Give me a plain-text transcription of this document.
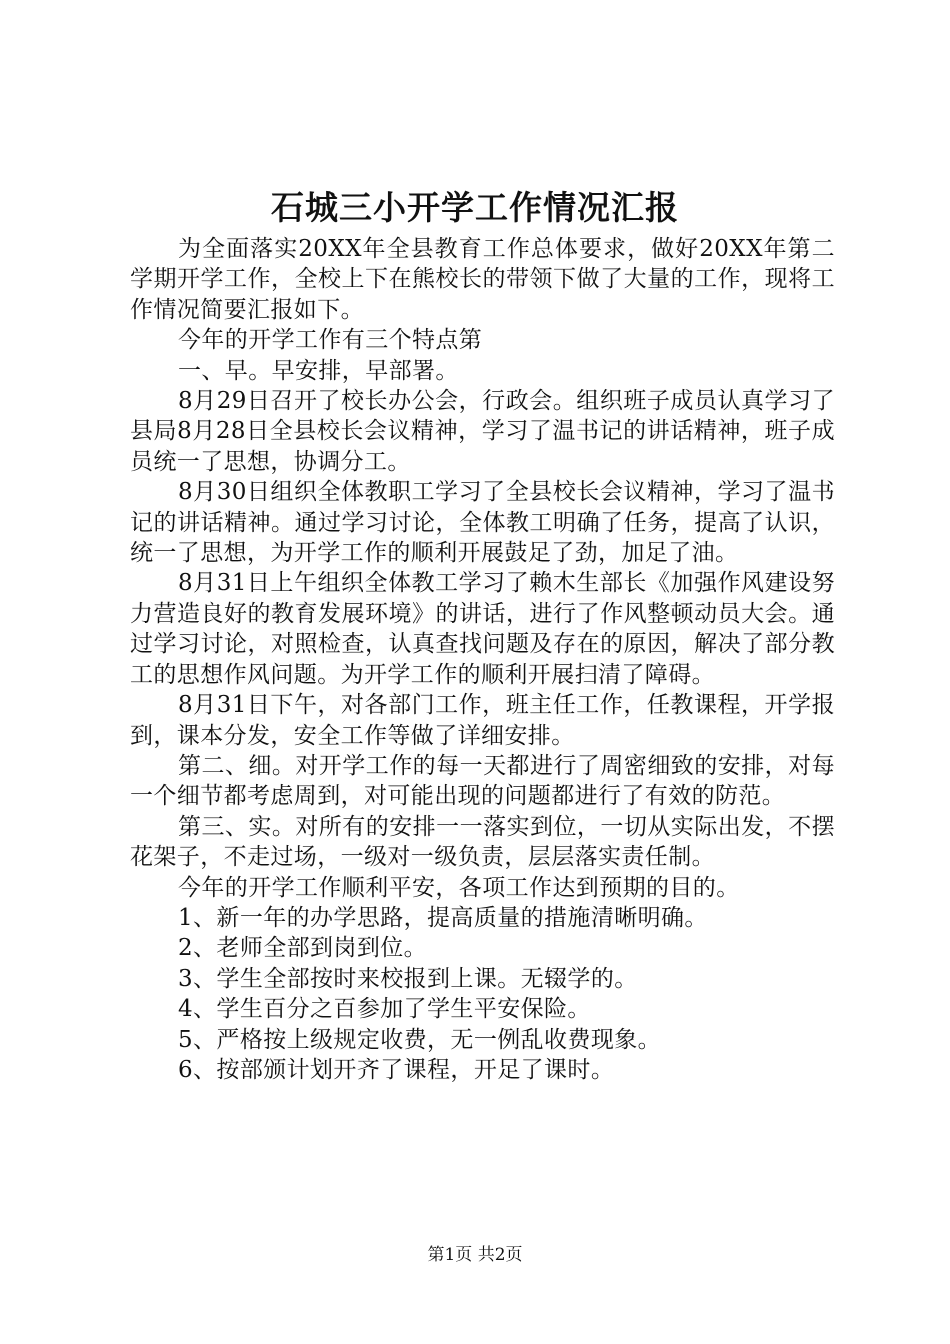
石城三小开学工作情况汇报

为全面落实20XX年全县教育工作总体要求，做好20XX年第二学期开学工作，全校上下在熊校长的带领下做了大量的工作，现将工作情况简要汇报如下。

今年的开学工作有三个特点第

一、早。早安排，早部署。

8月29日召开了校长办公会，行政会。组织班子成员认真学习了县局8月28日全县校长会议精神，学习了温书记的讲话精神，班子成员统一了思想，协调分工。

8月30日组织全体教职工学习了全县校长会议精神，学习了温书记的讲话精神。通过学习讨论，全体教工明确了任务，提高了认识，统一了思想，为开学工作的顺利开展鼓足了劲，加足了油。

8月31日上午组织全体教工学习了赖木生部长《加强作风建设努力营造良好的教育发展环境》的讲话，进行了作风整顿动员大会。通过学习讨论，对照检查，认真查找问题及存在的原因，解决了部分教工的思想作风问题。为开学工作的顺利开展扫清了障碍。

8月31日下午，对各部门工作，班主任工作，任教课程，开学报到，课本分发，安全工作等做了详细安排。

第二、细。对开学工作的每一天都进行了周密细致的安排，对每一个细节都考虑周到，对可能出现的问题都进行了有效的防范。

第三、实。对所有的安排一一落实到位，一切从实际出发，不摆花架子，不走过场，一级对一级负责，层层落实责任制。

今年的开学工作顺利平安，各项工作达到预期的目的。

1、新一年的办学思路，提高质量的措施清晰明确。

2、老师全部到岗到位。

3、学生全部按时来校报到上课。无辍学的。

4、学生百分之百参加了学生平安保险。

5、严格按上级规定收费，无一例乱收费现象。

6、按部颁计划开齐了课程，开足了课时。

第1页 共2页
